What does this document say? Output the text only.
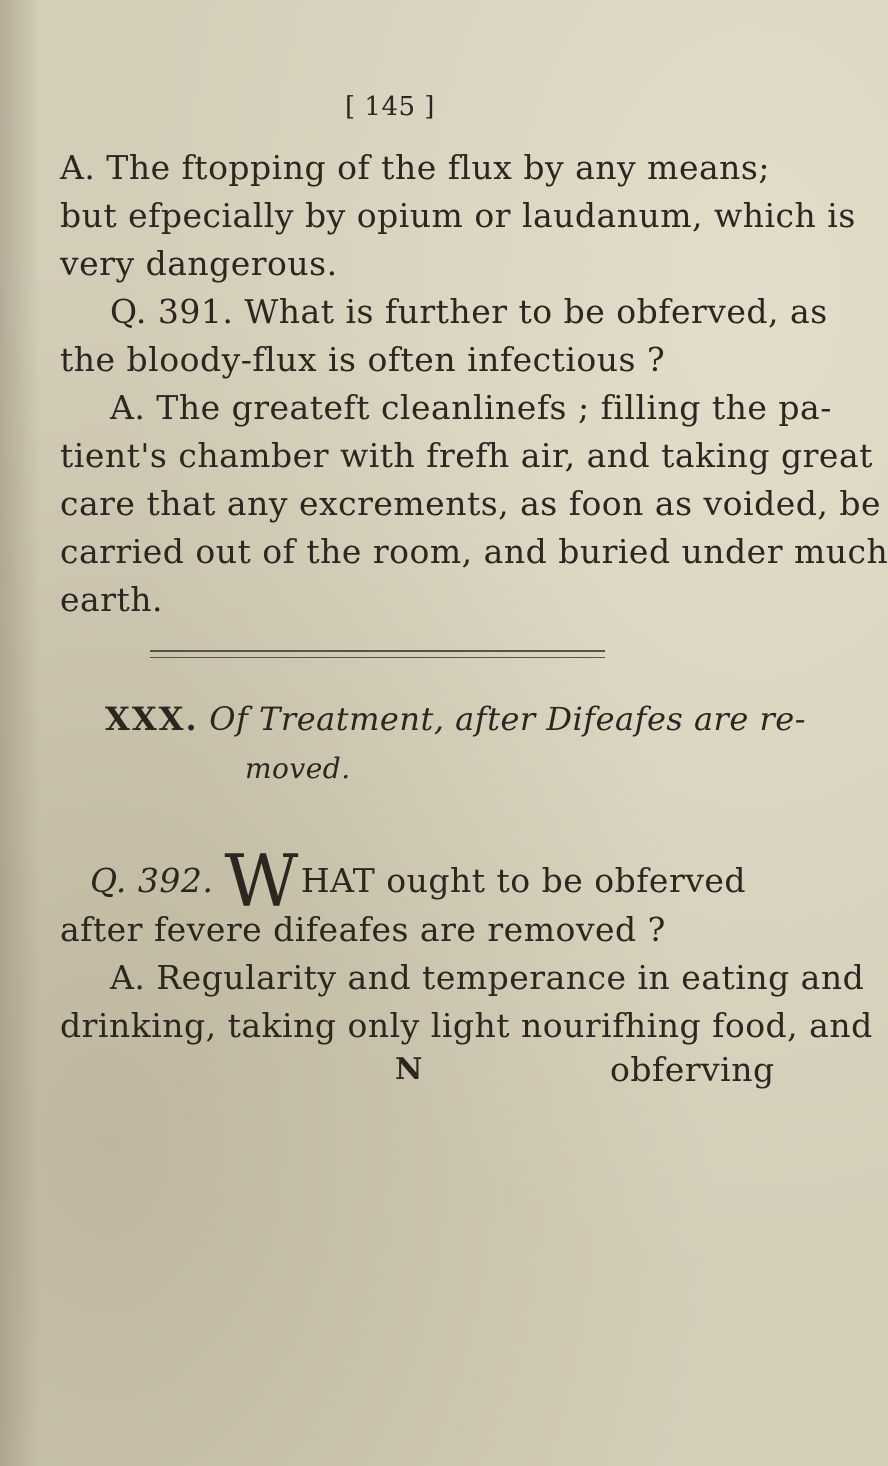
[ 145 ]
A. The ftopping of the flux by any means;
but efpecially by opium or laudanum, which is
very dangerous.
Q. 391. What is further to be obferved, as
the bloody-flux is often infectious ?
A. The greateft cleanlinefs ; filling the pa-
tient's chamber with frefh air, and taking great
care that any excrements, as foon as voided, be
carried out of the room, and buried under much
earth.
XXX. Of Treatment, after Difeafes are re-
moved.
Q. 392. WHAT ought to be obferved
after fevere difeafes are removed ?
A. Regularity and temperance in eating and
drinking, taking only light nourifhing food, and
N	obferving
